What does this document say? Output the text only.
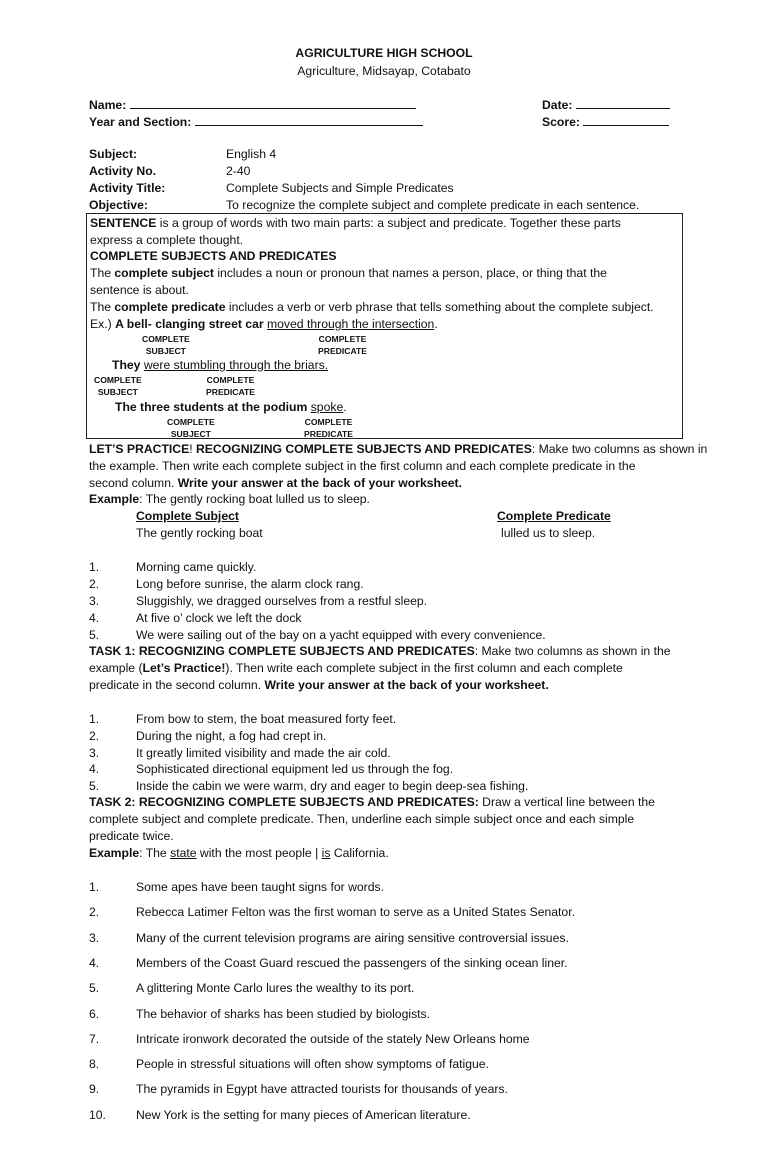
AGRICULTURE HIGH SCHOOL
Agriculture, Midsayap, Cotabato
Name:
Year and Section:
Date:
Score:
Subject:	English 4
Activity No.	2-40
Activity Title:	Complete Subjects and Simple Predicates
Objective:	To recognize the complete subject and complete predicate in each sentence.
SENTENCE is a group of words with two main parts: a subject and predicate. Together these parts
express a complete thought.
COMPLETE SUBJECTS AND PREDICATES
The complete subject includes a noun or pronoun that names a person, place, or thing that the
sentence is about.
The complete predicate includes a verb or verb phrase that tells something about the complete subject.
Ex.) A bell- clanging street car moved through the intersection.
COMPLETE
SUBJECT
COMPLETE
PREDICATE
They were stumbling through the briars.
COMPLETE
SUBJECT
COMPLETE
PREDICATE
The three students at the podium spoke.
COMPLETE
SUBJECT
COMPLETE
PREDICATE
LET’S PRACTICE! RECOGNIZING COMPLETE SUBJECTS AND PREDICATES: Make two columns as shown in
the example. Then write each complete subject in the first column and each complete predicate in the
second column. Write your answer at the back of your worksheet.
Example: The gently rocking boat lulled us to sleep.
Complete Subject	Complete Predicate
The gently rocking boat	lulled us to sleep.
1.	Morning came quickly.
2.	Long before sunrise, the alarm clock rang.
3.	Sluggishly, we dragged ourselves from a restful sleep.
4.	At five o’ clock we left the dock
5.	We were sailing out of the bay on a yacht equipped with every convenience.
TASK 1: RECOGNIZING COMPLETE SUBJECTS AND PREDICATES: Make two columns as shown in the
example (Let’s Practice!). Then write each complete subject in the first column and each complete
predicate in the second column. Write your answer at the back of your worksheet.
1.	From bow to stem, the boat measured forty feet.
2.	During the night, a fog had crept in.
3.	It greatly limited visibility and made the air cold.
4.	Sophisticated directional equipment led us through the fog.
5.	Inside the cabin we were warm, dry and eager to begin deep-sea fishing.
TASK 2: RECOGNIZING COMPLETE SUBJECTS AND PREDICATES: Draw a vertical line between the
complete subject and complete predicate. Then, underline each simple subject once and each simple
predicate twice.
Example: The state with the most people | is California.
1.	Some apes have been taught signs for words.
2.	Rebecca Latimer Felton was the first woman to serve as a United States Senator.
3.	Many of the current television programs are airing sensitive controversial issues.
4.	Members of the Coast Guard rescued the passengers of the sinking ocean liner.
5.	A glittering Monte Carlo lures the wealthy to its port.
6.	The behavior of sharks has been studied by biologists.
7.	Intricate ironwork decorated the outside of the stately New Orleans home
8.	People in stressful situations will often show symptoms of fatigue.
9.	The pyramids in Egypt have attracted tourists for thousands of years.
10. New York is the setting for many pieces of American literature.
